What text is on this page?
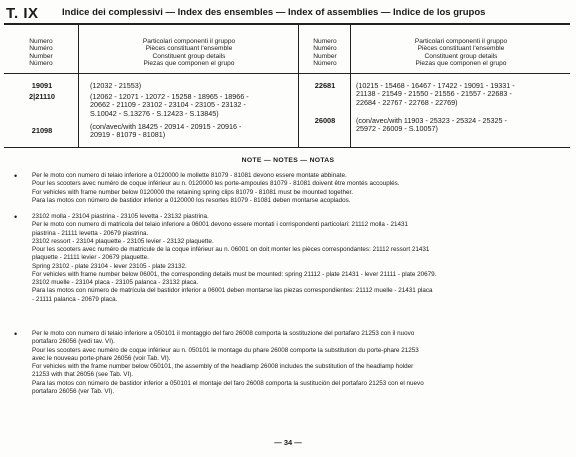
T. IX Indice dei complessivi — Index des ensembles — Index of assemblies — Indice de los grupos
Numero
Numéro
Number
Número
Particolari componenti il gruppo
Pièces constituant l'ensemble
Constituent group details
Piezas que componen el grupo
Numero
Numéro
Number
Número
Particolari componenti il gruppo
Pièces constituant l'ensemble
Constituent group details
Piezas que componen el grupo
19091	(12032 - 21553)
2|21110	(12062 - 12071 - 12072 - 15258 - 18965 - 18966 -
20662 - 21109 - 23102 - 23104 - 23105 - 23132 -
S.10042 - S.13276 - S.12423 - S.13845)
21098	(con/avec/with 18425 - 20914 - 20915 - 20916 -
20919 - 81079 - 81081)
22681	(10215 - 15468 - 16467 - 17422 - 19091 - 19331 -
21138 - 21549 - 21550 - 21556 - 21557 - 22683 -
22684 - 22767 - 22768 - 22769)
26008	(con/avec/with 11903 - 25323 - 25324 - 25325 -
25972 - 26009 - S.10057)
NOTE — NOTES — NOTAS
• Per le moto con numero di telaio inferiore a 0120000 le mollette 81079 - 81081 devono essere montate abbinate.
Pour les scooters avec numéro de coque inférieur au n. 0120000 les porte-ampoules 81079 - 81081 doivent être montés accouplés.
For vehicles with frame number below 0120000 the retaining spring clips 81079 - 81081 must be mounted together.
Para las motos con número de bastidor inferior a 0120000 los resortes 81079 - 81081 deben montarse acoplados.
• 23102 molla - 23104 piastrina - 23105 levetta - 23132 piastrina.
Per le moto con numero di matricola del telaio inferiore a 06001 devono essere montati i corrispondenti particolari: 21112 molla - 21431
piastrina - 21111 levetta - 20679 piastrina.
23102 ressort - 23104 plaquette - 23105 levier - 23132 plaquette.
Pour les scooters avec numéro de matricule de la coque inférieur au n. 06001 on doit monter les pièces correspondantes: 21112 ressort 21431
plaquette - 21111 levier - 20679 plaquette.
Spring 23102 - plate 23104 - lever 23105 - plate 23132.
For vehicles with frame number below 06001, the corresponding details must be mounted: spring 21112 - plate 21431 - lever 21111 - plate 20679.
23102 muelle - 23104 placa - 23105 palanca - 23132 placa.
Para las motos con número de matrícula del bastidor inferior a 06001 deben montarse las piezas correspondientes: 21112 muelle - 21431 placa
- 21111 palanca - 20679 placa.
• Per le moto con numero di telaio inferiore a 050101 il montaggio del faro 26008 comporta la sostituzione del portafaro 21253 con il nuovo
portafaro 26056 (vedi tav. VI).
Pour les scooters avec numéro de coque inférieur au n. 050101 le montage du phare 26008 comporte la substitution du porte-phare 21253
avec le nouveau porte-phare 26056 (voir Tab. VI).
For vehicles with the frame number below 050101, the assembly of the headlamp 26008 includes the substitution of the headlamp holder
21253 with that 26056 (see Tab. VI).
Para las motos con número de bastidor inferior a 050101 el montaje del faro 26008 comporta la sustitución del portafaro 21253 con el nuevo
portafaro 26056 (ver Tab. VI).
— 34 —
